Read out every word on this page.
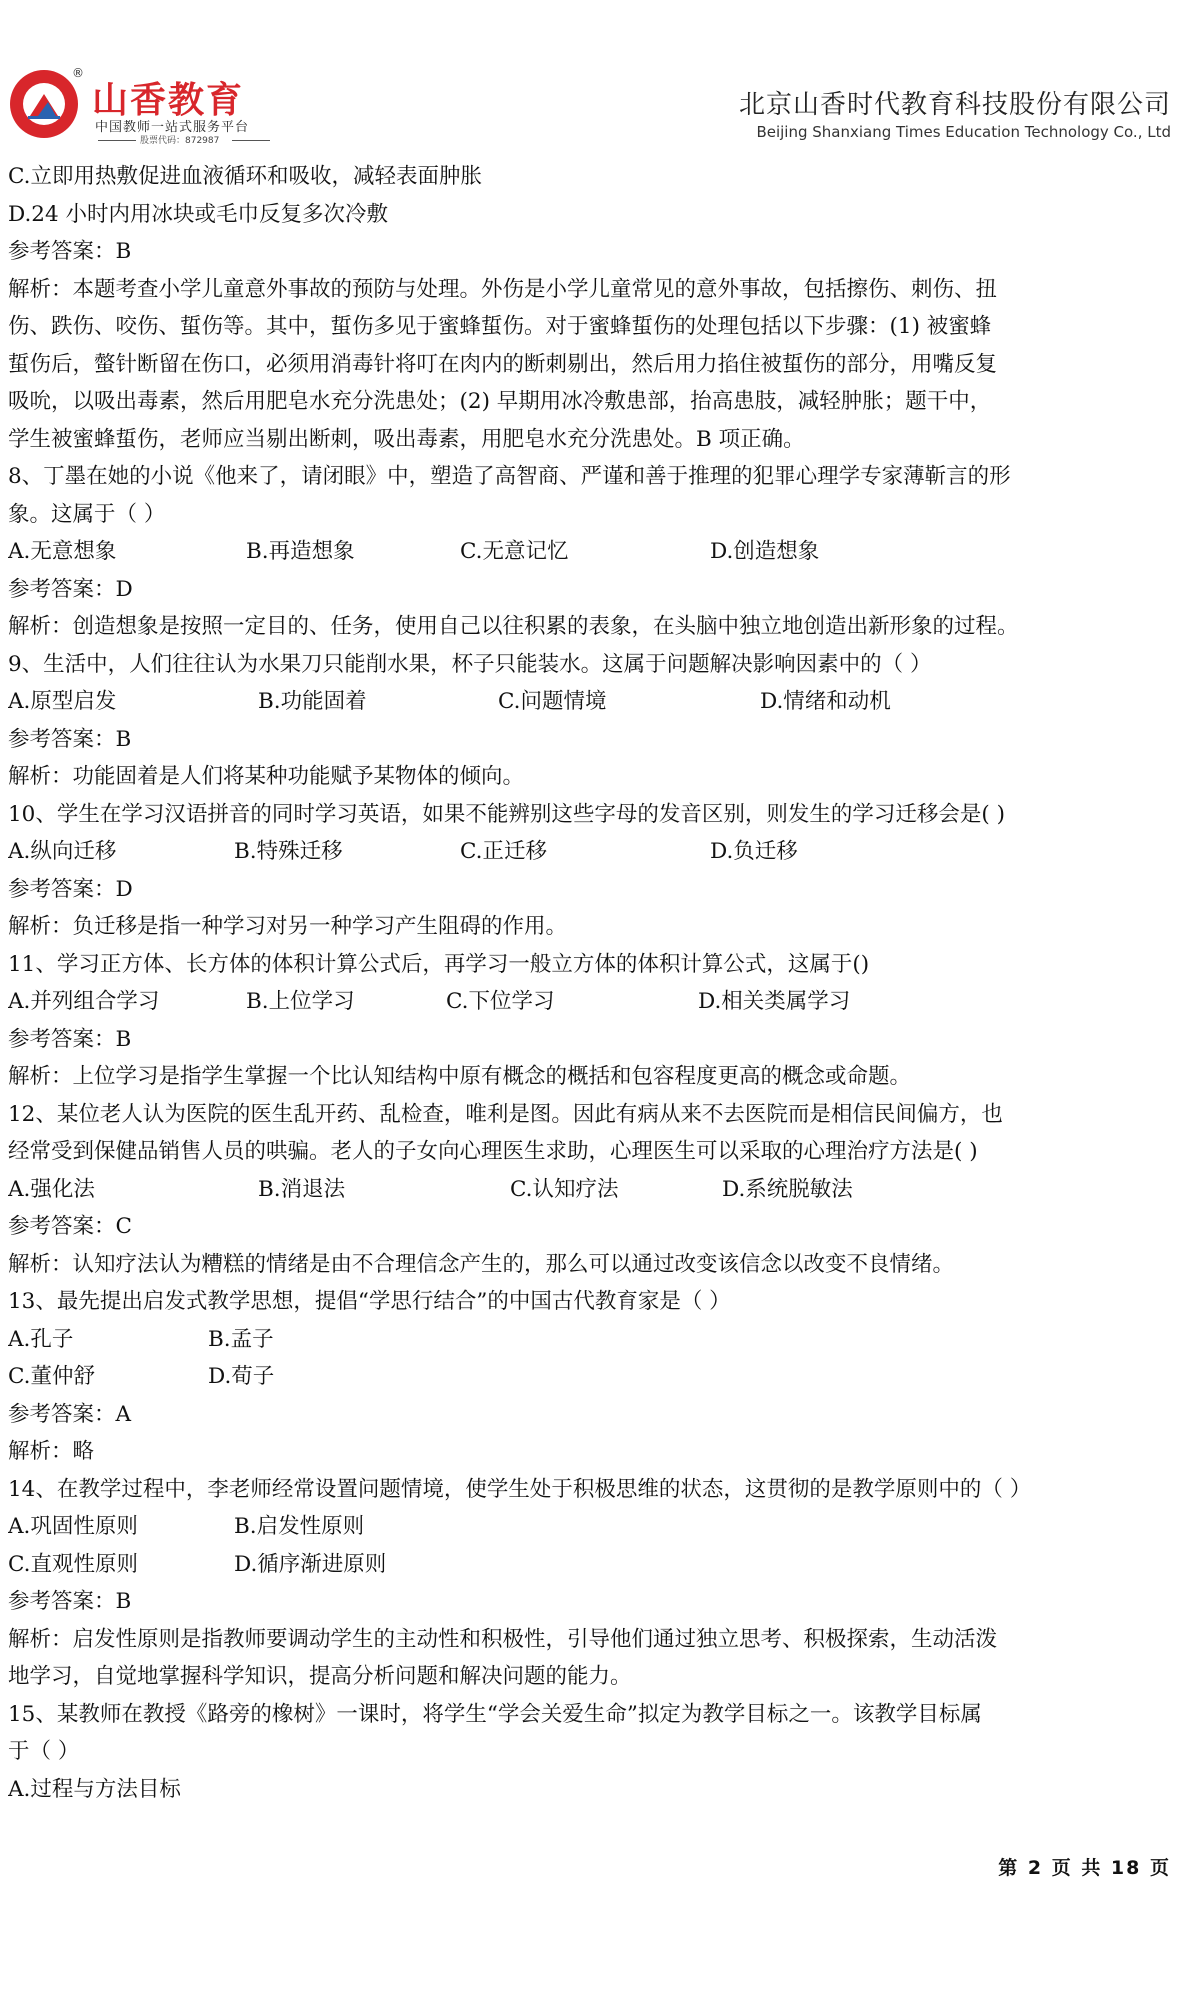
®
山香教育
中国教师一站式服务平台
股票代码：872987
北京山香时代教育科技股份有限公司
Beijing Shanxiang Times Education Technology Co., Ltd
C.立即用热敷促进血液循环和吸收，减轻表面肿胀
D.24 小时内用冰块或毛巾反复多次冷敷
参考答案：B
解析：本题考查小学儿童意外事故的预防与处理。外伤是小学儿童常见的意外事故，包括擦伤、刺伤、扭
伤、跌伤、咬伤、蜇伤等。其中，蜇伤多见于蜜蜂蜇伤。对于蜜蜂蜇伤的处理包括以下步骤：(1) 被蜜蜂
蜇伤后，螫针断留在伤口，必须用消毒针将叮在肉内的断刺剔出，然后用力掐住被蜇伤的部分，用嘴反复
吸吮，以吸出毒素，然后用肥皂水充分洗患处；(2) 早期用冰冷敷患部，抬高患肢，减轻肿胀；题干中，
学生被蜜蜂蜇伤，老师应当剔出断刺，吸出毒素，用肥皂水充分洗患处。B 项正确。
8、丁墨在她的小说《他来了，请闭眼》中，塑造了高智商、严谨和善于推理的犯罪心理学专家薄靳言的形
象。这属于（ ）
A.无意想象	B.再造想象	C.无意记忆	D.创造想象
参考答案：D
解析：创造想象是按照一定目的、任务，使用自己以往积累的表象，在头脑中独立地创造出新形象的过程。
9、生活中，人们往往认为水果刀只能削水果，杯子只能装水。这属于问题解决影响因素中的（ ）
A.原型启发	B.功能固着	C.问题情境	D.情绪和动机
参考答案：B
解析：功能固着是人们将某种功能赋予某物体的倾向。
10、学生在学习汉语拼音的同时学习英语，如果不能辨别这些字母的发音区别，则发生的学习迁移会是( )
A.纵向迁移	B.特殊迁移	C.正迁移	D.负迁移
参考答案：D
解析：负迁移是指一种学习对另一种学习产生阻碍的作用。
11、学习正方体、长方体的体积计算公式后，再学习一般立方体的体积计算公式，这属于()
A.并列组合学习	B.上位学习	C.下位学习	D.相关类属学习
参考答案：B
解析：上位学习是指学生掌握一个比认知结构中原有概念的概括和包容程度更高的概念或命题。
12、某位老人认为医院的医生乱开药、乱检查，唯利是图。因此有病从来不去医院而是相信民间偏方，也
经常受到保健品销售人员的哄骗。老人的子女向心理医生求助，心理医生可以采取的心理治疗方法是( )
A.强化法	B.消退法	C.认知疗法	D.系统脱敏法
参考答案：C
解析：认知疗法认为糟糕的情绪是由不合理信念产生的，那么可以通过改变该信念以改变不良情绪。
13、最先提出启发式教学思想，提倡“学思行结合”的中国古代教育家是（ ）
A.孔子	B.孟子
C.董仲舒	D.荀子
参考答案：A
解析：略
14、在教学过程中，李老师经常设置问题情境，使学生处于积极思维的状态，这贯彻的是教学原则中的（ ）
A.巩固性原则	B.启发性原则
C.直观性原则	D.循序渐进原则
参考答案：B
解析：启发性原则是指教师要调动学生的主动性和积极性，引导他们通过独立思考、积极探索，生动活泼
地学习，自觉地掌握科学知识，提高分析问题和解决问题的能力。
15、某教师在教授《路旁的橡树》一课时，将学生“学会关爱生命”拟定为教学目标之一。该教学目标属
于（ ）
A.过程与方法目标
第 2 页 共 18 页
